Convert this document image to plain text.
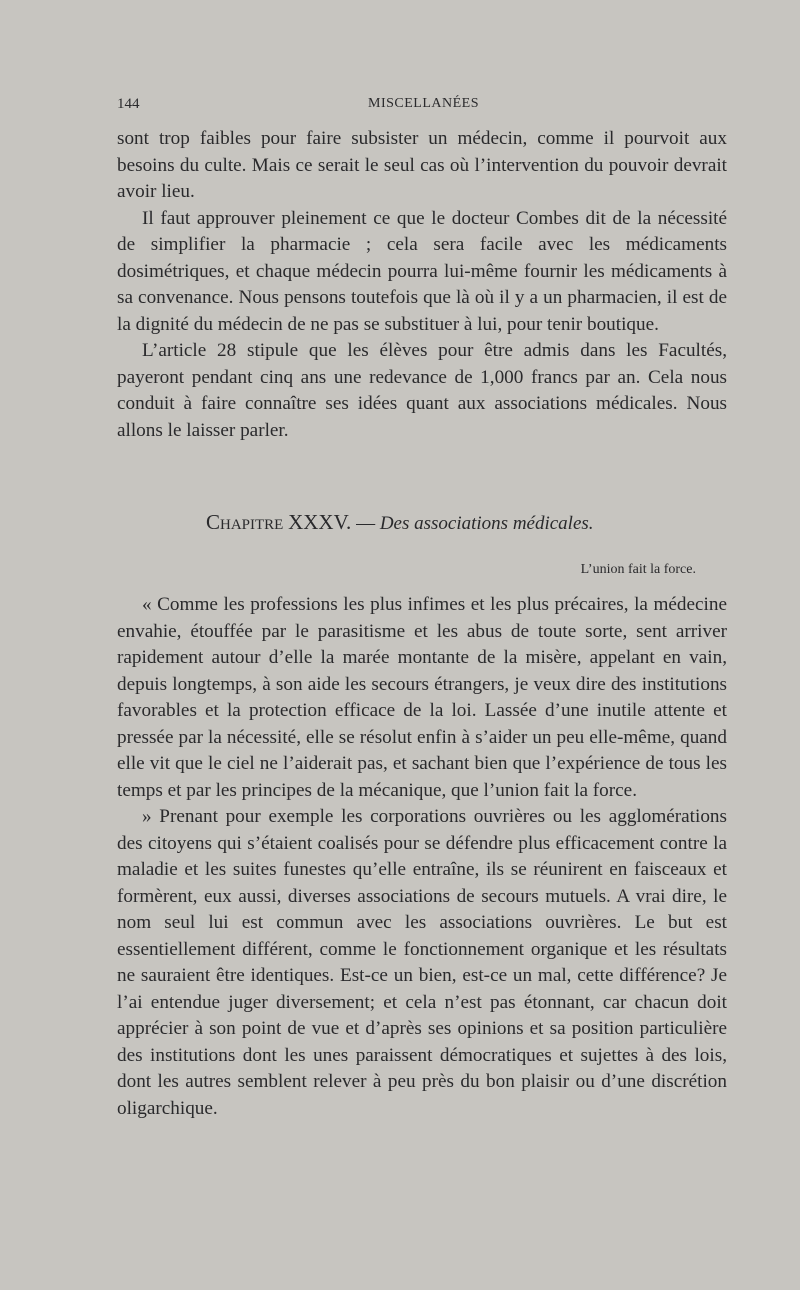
144	MISCELLANÉES

sont trop faibles pour faire subsister un médecin, comme il pourvoit aux besoins du culte. Mais ce serait le seul cas où l’intervention du pouvoir devrait avoir lieu.

Il faut approuver pleinement ce que le docteur Combes dit de la nécessité de simplifier la pharmacie ; cela sera facile avec les médicaments dosimétriques, et chaque médecin pourra lui-même fournir les médicaments à sa convenance. Nous pensons toutefois que là où il y a un pharmacien, il est de la dignité du médecin de ne pas se substituer à lui, pour tenir boutique.

L’article 28 stipule que les élèves pour être admis dans les Facultés, payeront pendant cinq ans une redevance de 1,000 francs par an. Cela nous conduit à faire connaître ses idées quant aux associations médicales. Nous allons le laisser parler.

Chapitre XXXV. — Des associations médicales.
L’union fait la force.

« Comme les professions les plus infimes et les plus précaires, la médecine envahie, étouffée par le parasitisme et les abus de toute sorte, sent arriver rapidement autour d’elle la marée montante de la misère, appelant en vain, depuis longtemps, à son aide les secours étrangers, je veux dire des institutions favorables et la protection efficace de la loi. Lassée d’une inutile attente et pressée par la nécessité, elle se résolut enfin à s’aider un peu elle-même, quand elle vit que le ciel ne l’aiderait pas, et sachant bien que l’expérience de tous les temps et par les principes de la mécanique, que l’union fait la force.

» Prenant pour exemple les corporations ouvrières ou les agglomérations des citoyens qui s’étaient coalisés pour se défendre plus efficacement contre la maladie et les suites funestes qu’elle entraîne, ils se réunirent en faisceaux et formèrent, eux aussi, diverses associations de secours mutuels. A vrai dire, le nom seul lui est commun avec les associations ouvrières. Le but est essentiellement différent, comme le fonctionnement organique et les résultats ne sauraient être identiques. Est-ce un bien, est-ce un mal, cette différence? Je l’ai entendue juger diversement; et cela n’est pas étonnant, car chacun doit apprécier à son point de vue et d’après ses opinions et sa position particulière des institutions dont les unes paraissent démocratiques et sujettes à des lois, dont les autres semblent relever à peu près du bon plaisir ou d’une discrétion oligarchique.
